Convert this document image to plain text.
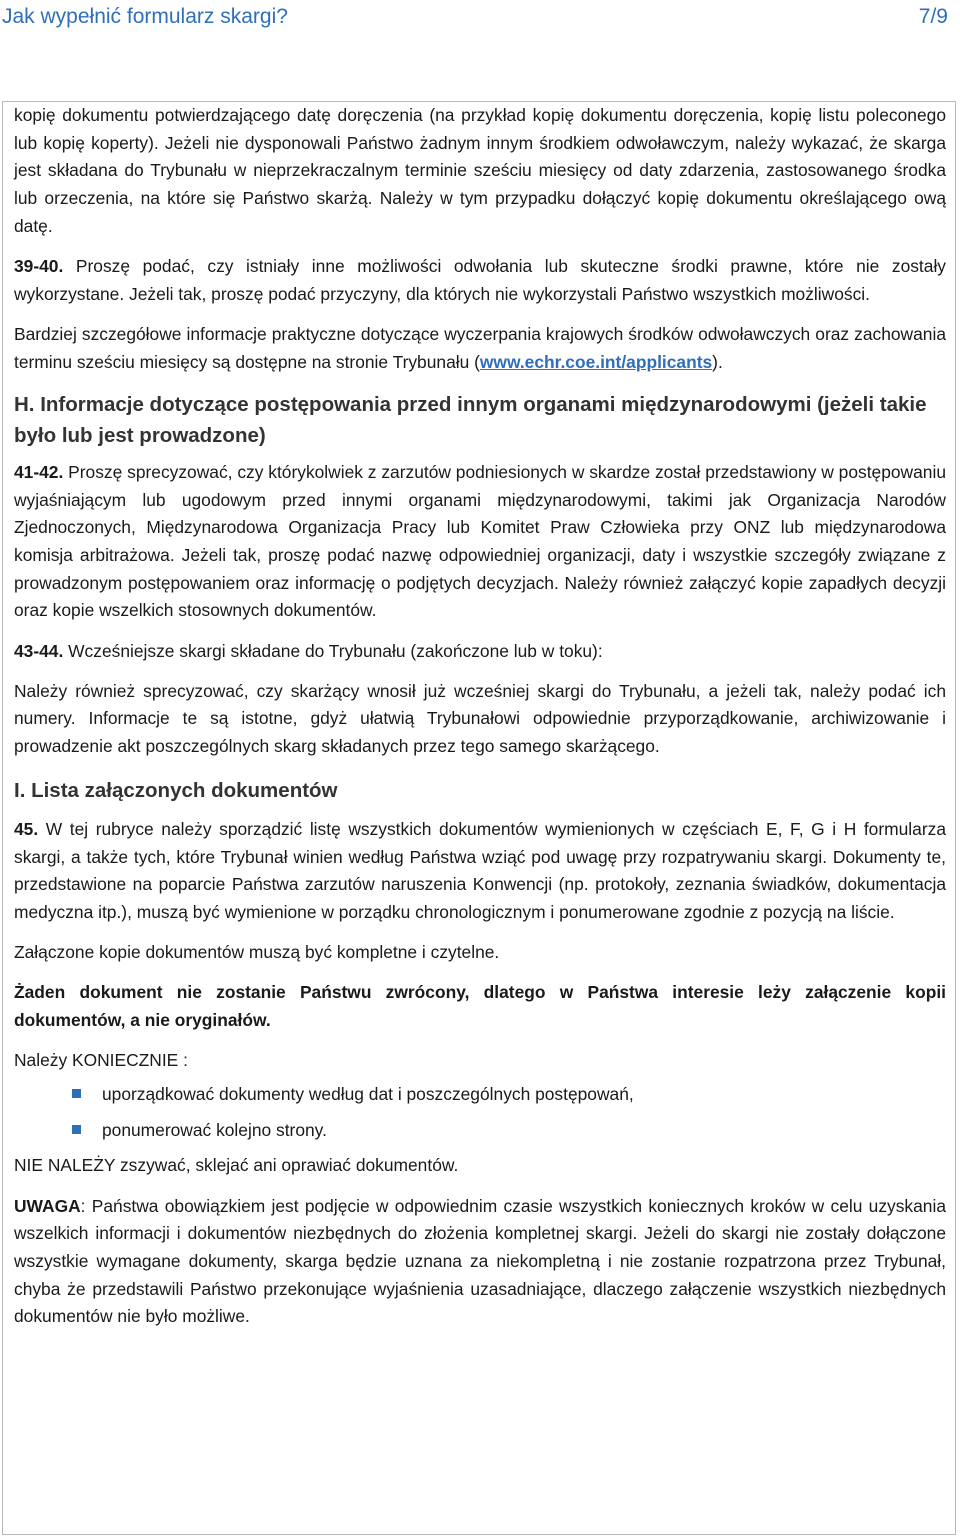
Jak wypełnić formularz skargi?	7/9

kopię dokumentu potwierdzającego datę doręczenia (na przykład kopię dokumentu doręczenia, kopię listu poleconego lub kopię koperty). Jeżeli nie dysponowali Państwo żadnym innym środkiem odwoławczym, należy wykazać, że skarga jest składana do Trybunału w nieprzekraczalnym terminie sześciu miesięcy od daty zdarzenia, zastosowanego środka lub orzeczenia, na które się Państwo skarżą. Należy w tym przypadku dołączyć kopię dokumentu określającego ową datę.

39-40. Proszę podać, czy istniały inne możliwości odwołania lub skuteczne środki prawne, które nie zostały wykorzystane. Jeżeli tak, proszę podać przyczyny, dla których nie wykorzystali Państwo wszystkich możliwości.

Bardziej szczegółowe informacje praktyczne dotyczące wyczerpania krajowych środków odwoławczych oraz zachowania terminu sześciu miesięcy są dostępne na stronie Trybunału (www.echr.coe.int/applicants).

H. Informacje dotyczące postępowania przed innym organami międzynarodowymi (jeżeli takie było lub jest prowadzone)

41-42. Proszę sprecyzować, czy którykolwiek z zarzutów podniesionych w skardze został przedstawiony w postępowaniu wyjaśniającym lub ugodowym przed innymi organami międzynarodowymi, takimi jak Organizacja Narodów Zjednoczonych, Międzynarodowa Organizacja Pracy lub Komitet Praw Człowieka przy ONZ lub międzynarodowa komisja arbitrażowa. Jeżeli tak, proszę podać nazwę odpowiedniej organizacji, daty i wszystkie szczegóły związane z prowadzonym postępowaniem oraz informację o podjętych decyzjach. Należy również załączyć kopie zapadłych decyzji oraz kopie wszelkich stosownych dokumentów.

43-44. Wcześniejsze skargi składane do Trybunału (zakończone lub w toku):

Należy również sprecyzować, czy skarżący wnosił już wcześniej skargi do Trybunału, a jeżeli tak, należy podać ich numery. Informacje te są istotne, gdyż ułatwią Trybunałowi odpowiednie przyporządkowanie, archiwizowanie i prowadzenie akt poszczególnych skarg składanych przez tego samego skarżącego.

I. Lista załączonych dokumentów

45. W tej rubryce należy sporządzić listę wszystkich dokumentów wymienionych w częściach E, F, G i H formularza skargi, a także tych, które Trybunał winien według Państwa wziąć pod uwagę przy rozpatrywaniu skargi. Dokumenty te, przedstawione na poparcie Państwa zarzutów naruszenia Konwencji (np. protokoły, zeznania świadków, dokumentacja medyczna itp.), muszą być wymienione w porządku chronologicznym i ponumerowane zgodnie z pozycją na liście.

Załączone kopie dokumentów muszą być kompletne i czytelne.

Żaden dokument nie zostanie Państwu zwrócony, dlatego w Państwa interesie leży załączenie kopii dokumentów, a nie oryginałów.

Należy KONIECZNIE :

uporządkować dokumenty według dat i poszczególnych postępowań,
ponumerować kolejno strony.

NIE NALEŻY zszywać, sklejać ani oprawiać dokumentów.

UWAGA: Państwa obowiązkiem jest podjęcie w odpowiednim czasie wszystkich koniecznych kroków w celu uzyskania wszelkich informacji i dokumentów niezbędnych do złożenia kompletnej skargi. Jeżeli do skargi nie zostały dołączone wszystkie wymagane dokumenty, skarga będzie uznana za niekompletną i nie zostanie rozpatrzona przez Trybunał, chyba że przedstawili Państwo przekonujące wyjaśnienia uzasadniające, dlaczego załączenie wszystkich niezbędnych dokumentów nie było możliwe.
